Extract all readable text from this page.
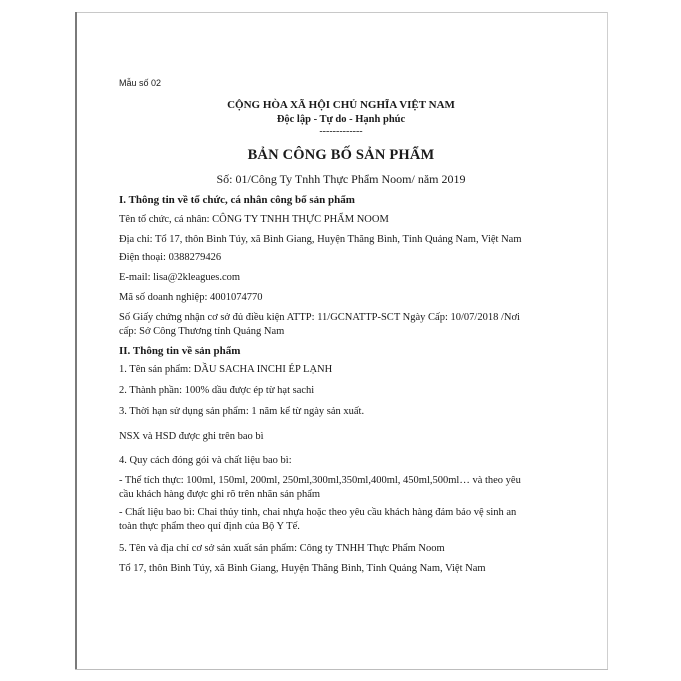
Mẫu số 02
CỘNG HÒA XÃ HỘI CHỦ NGHĨA VIỆT NAM
Độc lập - Tự do - Hạnh phúc
-------------
BẢN CÔNG BỐ SẢN PHẨM
Số: 01/Công Ty Tnhh Thực Phẩm Noom/ năm 2019
I. Thông tin về tổ chức, cá nhân công bố sản phẩm
Tên tổ chức, cá nhân: CÔNG TY TNHH THỰC PHẨM NOOM
Địa chỉ: Tổ 17, thôn Bình Túy, xã Bình Giang, Huyện Thăng Bình, Tỉnh Quảng Nam, Việt Nam
Điện thoại: 0388279426
E-mail: lisa@2kleagues.com
Mã số doanh nghiệp: 4001074770
Số Giấy chứng nhận cơ sở đủ điều kiện ATTP: 11/GCNATTP-SCT Ngày Cấp: 10/07/2018 /Nơi
cấp: Sở Công Thương tỉnh Quảng Nam
II. Thông tin về sản phẩm
1. Tên sản phẩm: DẦU SACHA INCHI ÉP LẠNH
2. Thành phần: 100% dầu được ép từ hạt sachi
3. Thời hạn sử dụng sản phẩm: 1 năm kể từ ngày sản xuất.
NSX và HSD được ghi trên bao bì
4. Quy cách đóng gói và chất liệu bao bì:
- Thể tích thực: 100ml, 150ml, 200ml, 250ml,300ml,350ml,400ml, 450ml,500ml… và theo yêu
cầu khách hàng được ghi rõ trên nhãn sản phẩm
- Chất liệu bao bì: Chai thủy tinh, chai nhựa hoặc theo yêu cầu khách hàng đảm bảo vệ sinh an
toàn thực phẩm theo quí định của Bộ Y Tế.
5. Tên và địa chỉ cơ sở sản xuất sản phẩm: Công ty TNHH Thực Phẩm Noom
Tổ 17, thôn Bình Túy, xã Bình Giang, Huyện Thăng Bình, Tỉnh Quảng Nam, Việt Nam
